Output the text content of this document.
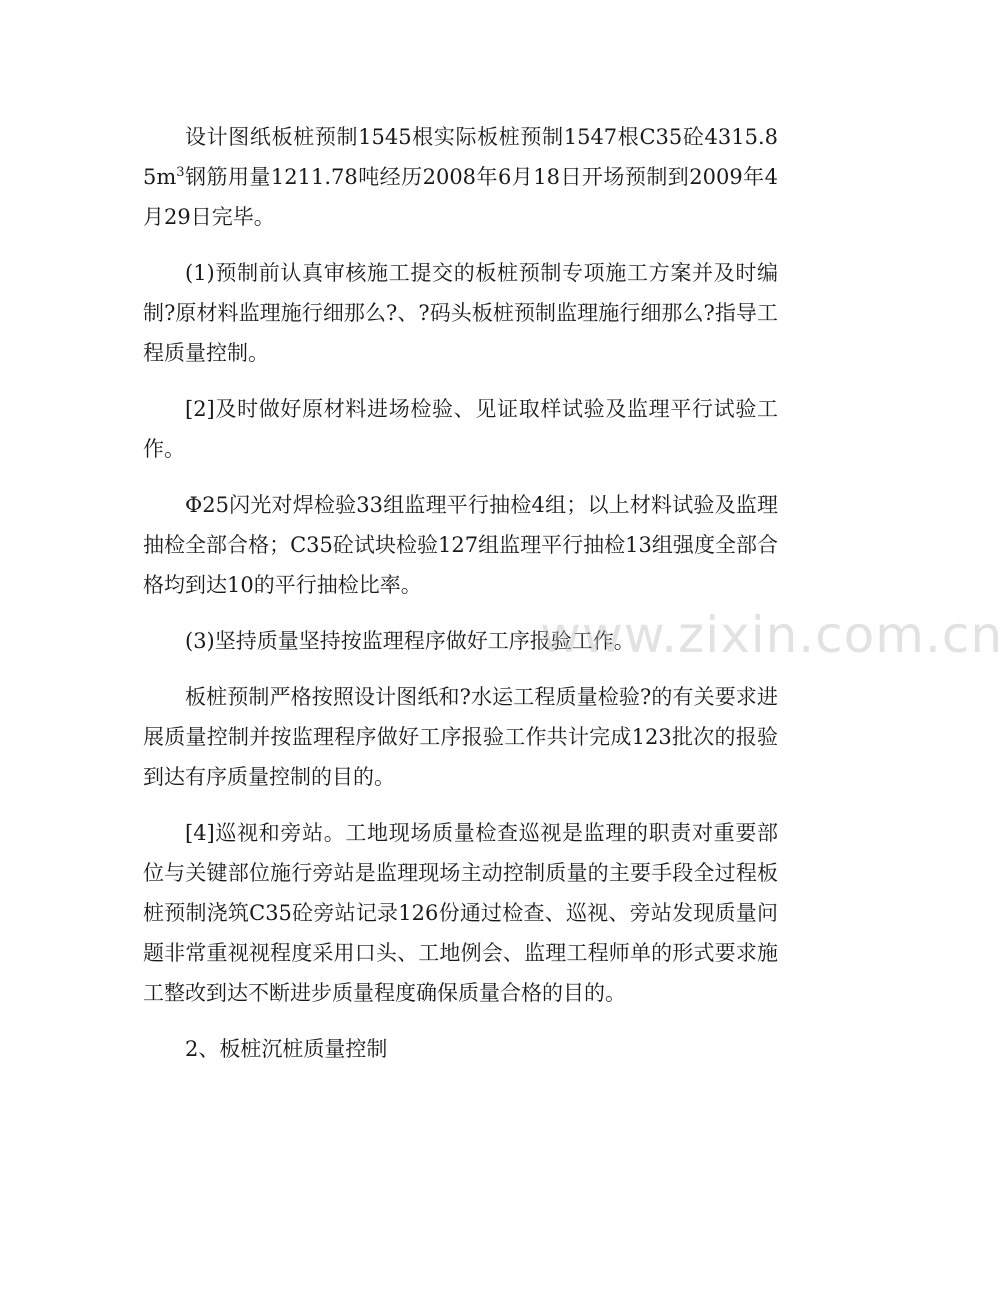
设计图纸板桩预制1545根实际板桩预制1547根C35砼$4315.85m^3$钢筋用量1211.78吨经历2008年6月18日开场预制到2009年4月29日完毕。

(1)预制前认真审核施工提交的板桩预制专项施工方案并及时编制?原材料监理施行细那么?、?码头板桩预制监理施行细那么?指导工程质量控制。

[2]及时做好原材料进场检验、见证取样试验及监理平行试验工作。

Φ25闪光对焊检验33组监理平行抽检4组；以上材料试验及监理抽检全部合格；C35砼试块检验127组监理平行抽检13组强度全部合格均到达10的平行抽检比率。

(3)坚持质量坚持按监理程序做好工序报验工作。

板桩预制严格按照设计图纸和?水运工程质量检验?的有关要求进展质量控制并按监理程序做好工序报验工作共计完成123批次的报验到达有序质量控制的目的。

[4]巡视和旁站。工地现场质量检查巡视是监理的职责对重要部位与关键部位施行旁站是监理现场主动控制质量的主要手段全过程板桩预制浇筑C35砼旁站记录126份通过检查、巡视、旁站发现质量问题非常重视视程度采用口头、工地例会、监理工程师单的形式要求施工整改到达不断进步质量程度确保质量合格的目的。

2、板桩沉桩质量控制

www.zixin.com.cn
